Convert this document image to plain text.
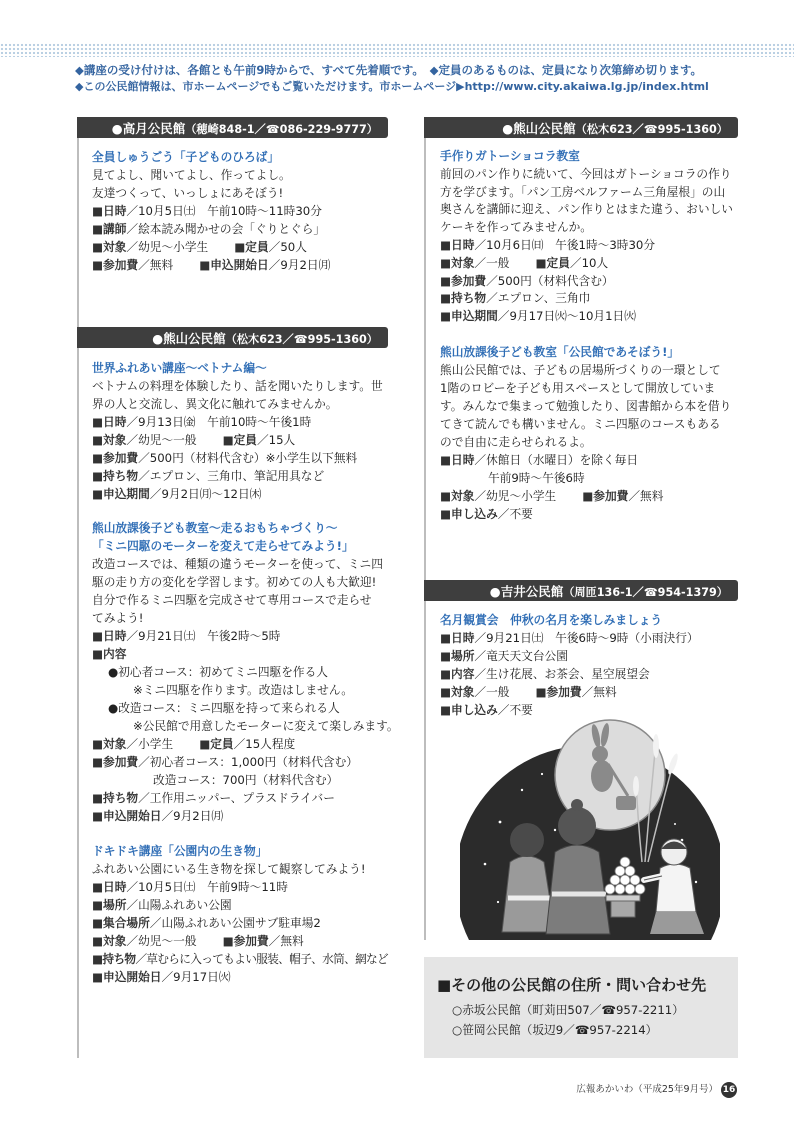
◆講座の受け付けは、各館とも午前9時からで、すべて先着順です。　◆定員のあるものは、定員になり次第締め切ります。
◆この公民館情報は、市ホームページでもご覧いただけます。市ホームページ▶http://www.city.akaiwa.lg.jp/index.html
●高月公民館（穂崎848-1／☎086-229-9777）
全員しゅうごう「子どものひろば」
見てよし、聞いてよし、作ってよし。
友達つくって、いっしょにあそぼう!
■日時／10月5日㈯　午前10時～11時30分
■講師／絵本読み聞かせの会「ぐりとぐら」
■対象／幼児～小学生 ■定員／50人
■参加費／無料 ■申込開始日／9月2日㈪
●熊山公民館（松木623／☎995-1360）
世界ふれあい講座～ベトナム編～
ベトナムの料理を体験したり、話を聞いたりします。世
界の人と交流し、異文化に触れてみませんか。
■日時／9月13日㈮　午前10時～午後1時
■対象／幼児～一般 ■定員／15人
■参加費／500円（材料代含む）※小学生以下無料
■持ち物／エプロン、三角巾、筆記用具など
■申込期間／9月2日㈪～12日㈭
熊山放課後子ども教室～走るおもちゃづくり～
「ミニ四駆のモーターを変えて走らせてみよう!」
改造コースでは、種類の違うモーターを使って、ミニ四
駆の走り方の変化を学習します。初めての人も大歓迎!
自分で作るミニ四駆を完成させて専用コースで走らせ
てみよう!
■日時／9月21日㈯　午後2時～5時
■内容
●初心者コース：初めてミニ四駆を作る人
※ミニ四駆を作ります。改造はしません。
●改造コース：ミニ四駆を持って来られる人
※公民館で用意したモーターに変えて楽しみます。
■対象／小学生 ■定員／15人程度
■参加費／初心者コース：1,000円（材料代含む）
改造コース：700円（材料代含む）
■持ち物／工作用ニッパー、プラスドライバー
■申込開始日／9月2日㈪
ドキドキ講座「公園内の生き物」
ふれあい公園にいる生き物を探して観察してみよう!
■日時／10月5日㈯　午前9時～11時
■場所／山陽ふれあい公園
■集合場所／山陽ふれあい公園サブ駐車場2
■対象／幼児～一般 ■参加費／無料
■持ち物／草むらに入ってもよい服装、帽子、水筒、網など
■申込開始日／9月17日㈫
●熊山公民館（松木623／☎995-1360）
手作りガトーショコラ教室
前回のパン作りに続いて、今回はガトーショコラの作り
方を学びます。「パン工房ベルファーム三角屋根」の山
奥さんを講師に迎え、パン作りとはまた違う、おいしい
ケーキを作ってみませんか。
■日時／10月6日㈰　午後1時～3時30分
■対象／一般 ■定員／10人
■参加費／500円（材料代含む）
■持ち物／エプロン、三角巾
■申込期間／9月17日㈫～10月1日㈫
熊山放課後子ども教室「公民館であそぼう!」
熊山公民館では、子どもの居場所づくりの一環として
1階のロビーを子ども用スペースとして開放していま
す。みんなで集まって勉強したり、図書館から本を借り
てきて読んでも構いません。ミニ四駆のコースもある
ので自由に走らせられるよ。
■日時／休館日（水曜日）を除く毎日
午前9時～午後6時
■対象／幼児～小学生 ■参加費／無料
■申し込み／不要
●吉井公民館（周匝136-1／☎954-1379）
名月観賞会　仲秋の名月を楽しみましょう
■日時／9月21日㈯　午後6時～9時（小雨決行）
■場所／竜天天文台公園
■内容／生け花展、お茶会、星空展望会
■対象／一般 ■参加費／無料
■申し込み／不要
■その他の公民館の住所・問い合わせ先
○赤坂公民館（町苅田507／☎957-2211）
○笹岡公民館（坂辺9／☎957-2214）
広報あかいわ（平成25年9月号） 16
